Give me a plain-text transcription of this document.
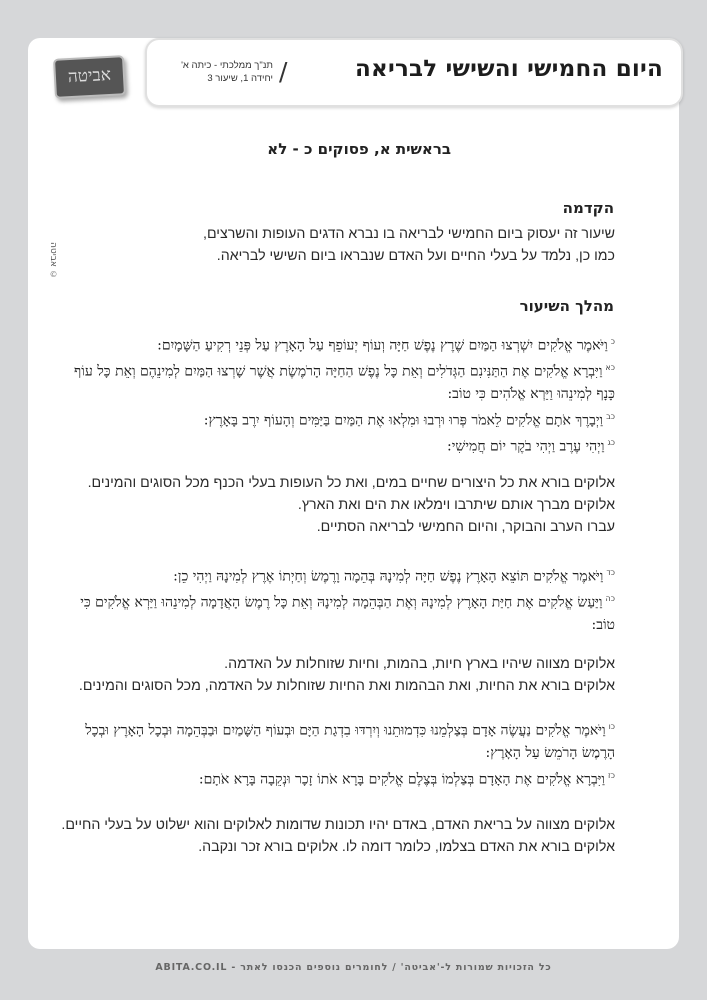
היום החמישי והשישי לבריאה
/
תנ"ך ממלכתי - כיתה א'
יחידה 1, שיעור 3
אביטה
© אביטה
בראשית א, פסוקים כ - לא
הקדמה

שיעור זה יעסוק ביום החמישי לבריאה בו נברא הדגים העופות והשרצים,

כמו כן, נלמד על בעלי החיים ועל האדם שנבראו ביום השישי לבריאה.

מהלך השיעור

$^כ$וַיֹּאמֶר אֱלֹקִים יִשְׁרְצוּ הַמַּיִם שֶׁרֶץ נֶפֶשׁ חַיָּה וְעוֹף יְעוֹפֵף עַל הָאָרֶץ עַל פְּנֵי רְקִיעַ הַשָּׁמָיִם:

$^{כא}$וַיִּבְרָא אֱלֹקִים אֶת הַתַּנִּינִם הַגְּדֹלִים וְאֵת כָּל נֶפֶשׁ הַחַיָּה הָרֹמֶשֶׂת אֲשֶׁר שָׁרְצוּ הַמַּיִם לְמִינֵהֶם וְאֵת כָּל עוֹף כָּנָף לְמִינֵהוּ וַיַּרְא אֱלֹהִים כִּי טוֹב:

$^{כב}$וַיְבָרֶךְ אֹתָם אֱלֹקִים לֵאמֹר פְּרוּ וּרְבוּ וּמִלְאוּ אֶת הַמַּיִם בַּיַּמִּים וְהָעוֹף יִרֶב בָּאָרֶץ:

$^{כג}$וַיְהִי עֶרֶב וַיְהִי בֹקֶר יוֹם חֲמִישִׁי:

אלוקים בורא את כל היצורים שחיים במים, ואת כל העופות בעלי הכנף מכל הסוגים והמינים.

אלוקים מברך אותם שיתרבו וימלאו את הים ואת הארץ.

עברו הערב והבוקר, והיום החמישי לבריאה הסתיים.

$^{כד}$וַיֹּאמֶר אֱלֹקִים תּוֹצֵא הָאָרֶץ נֶפֶשׁ חַיָּה לְמִינָהּ בְּהֵמָה וָרֶמֶשׂ וְחַיְתוֹ אֶרֶץ לְמִינָהּ וַיְהִי כֵן:

$^{כה}$וַיַּעַשׂ אֱלֹקִים אֶת חַיַּת הָאָרֶץ לְמִינָהּ וְאֶת הַבְּהֵמָה לְמִינָהּ וְאֵת כָּל רֶמֶשׂ הָאֲדָמָה לְמִינֵהוּ וַיַּרְא אֱלֹקִים כִּי טוֹב:

אלוקים מצווה שיהיו בארץ חיות, בהמות, וחיות שזוחלות על האדמה.

אלוקים בורא את החיות, ואת הבהמות ואת החיות שזוחלות על האדמה, מכל הסוגים והמינים.

$^{כו}$וַיֹּאמֶר אֱלֹקִים נַעֲשֶׂה אָדָם בְּצַלְמֵנוּ כִּדְמוּתֵנוּ וְיִרְדּוּ בִדְגַת הַיָּם וּבְעוֹף הַשָּׁמַיִם וּבַבְּהֵמָה וּבְכָל הָאָרֶץ וּבְכָל הָרֶמֶשׂ הָרֹמֵשׂ עַל הָאָרֶץ:

$^{כז}$וַיִּבְרָא אֱלֹקִים אֶת הָאָדָם בְּצַלְמוֹ בְּצֶלֶם אֱלֹקִים בָּרָא אֹתוֹ זָכָר וּנְקֵבָה בָּרָא אֹתָם:

אלוקים מצווה על בריאת האדם, באדם יהיו תכונות שדומות לאלוקים והוא ישלוט על בעלי החיים.

אלוקים בורא את האדם בצלמו, כלומר דומה לו. אלוקים בורא זכר ונקבה.

כל הזכויות שמורות ל-'אביטה' / לחומרים נוספים הכנסו לאתר - ABITA.CO.IL
